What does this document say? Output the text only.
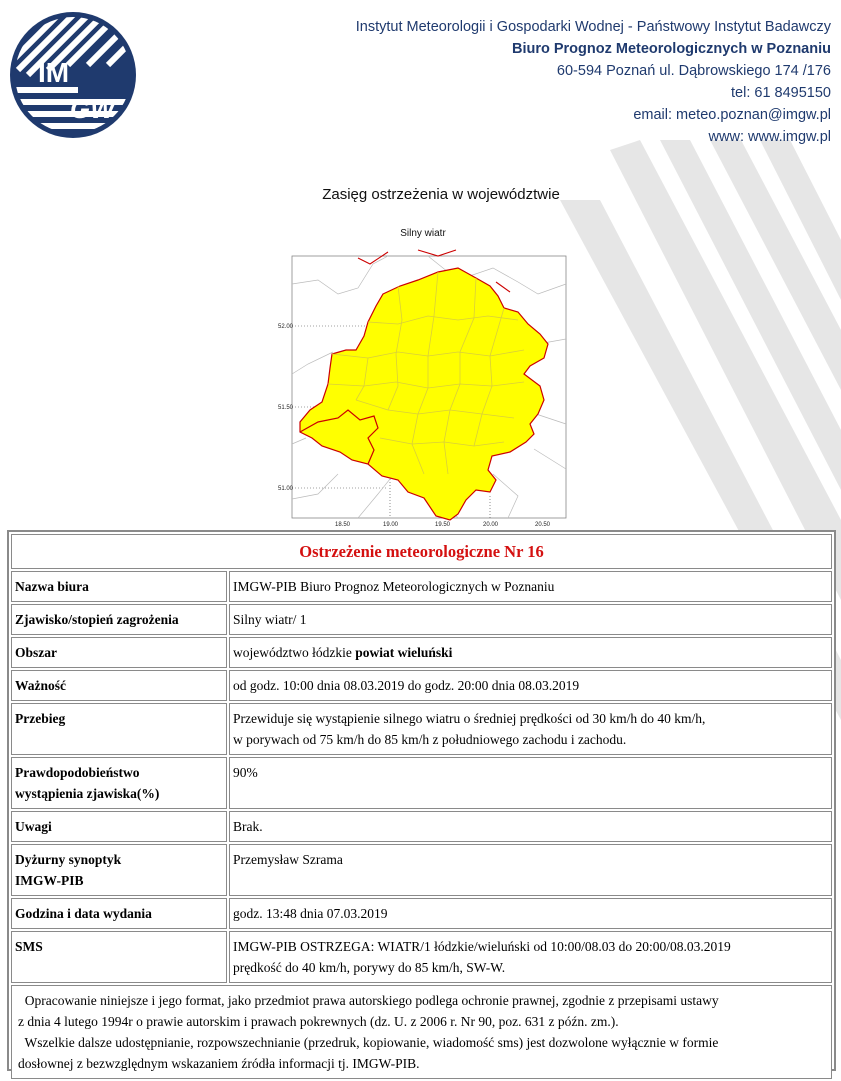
IM
GW
Instytut Meteorologii i Gospodarki Wodnej - Państwowy Instytut Badawczy
Biuro Prognoz Meteorologicznych w Poznaniu
60-594 Poznań ul. Dąbrowskiego 174 /176
tel: 61 8495150
email: meteo.poznan@imgw.pl
www: www.imgw.pl
Zasięg ostrzeżenia w województwie
Silny wiatr
52.00
51.50
51.00
18.50	19.00	19.50	20.00	20.50
Ostrzeżenie meteorologiczne Nr 16	
Nazwa biura	IMGW-PIB Biuro Prognoz Meteorologicznych w Poznaniu
Zjawisko/stopień zagrożenia	Silny wiatr/ 1
Obszar	województwo łódzkie powiat wieluński
Ważność	od godz. 10:00 dnia 08.03.2019 do godz. 20:00 dnia 08.03.2019
Przebieg	Przewiduje się wystąpienie silnego wiatru o średniej prędkości od 30 km/h do 40 km/h,
w porywach od 75 km/h do 85 km/h z południowego zachodu i zachodu.

Prawdopodobieństwo
wystąpienia zjawiska(%)	90%
Uwagi	Brak.

Dyżurny synoptyk
IMGW-PIB	Przemysław Szrama
Godzina i data wydania	godz. 13:48 dnia 07.03.2019
SMS	IMGW-PIB OSTRZEGA: WIATR/1 łódzkie/wieluński od 10:00/08.03 do 20:00/08.03.2019
prędkość do 40 km/h, porywy do 85 km/h, SW-W.

Opracowanie niniejsze i jego format, jako przedmiot prawa autorskiego podlega ochronie prawnej, zgodnie z przepisami ustawy
z dnia 4 lutego 1994r o prawie autorskim i prawach pokrewnych (dz. U. z 2006 r. Nr 90, poz. 631 z późn. zm.).
Wszelkie dalsze udostępnianie, rozpowszechnianie (przedruk, kopiowanie, wiadomość sms) jest dozwolone wyłącznie w formie
dosłownej z bezwzględnym wskazaniem źródła informacji tj. IMGW-PIB.	
